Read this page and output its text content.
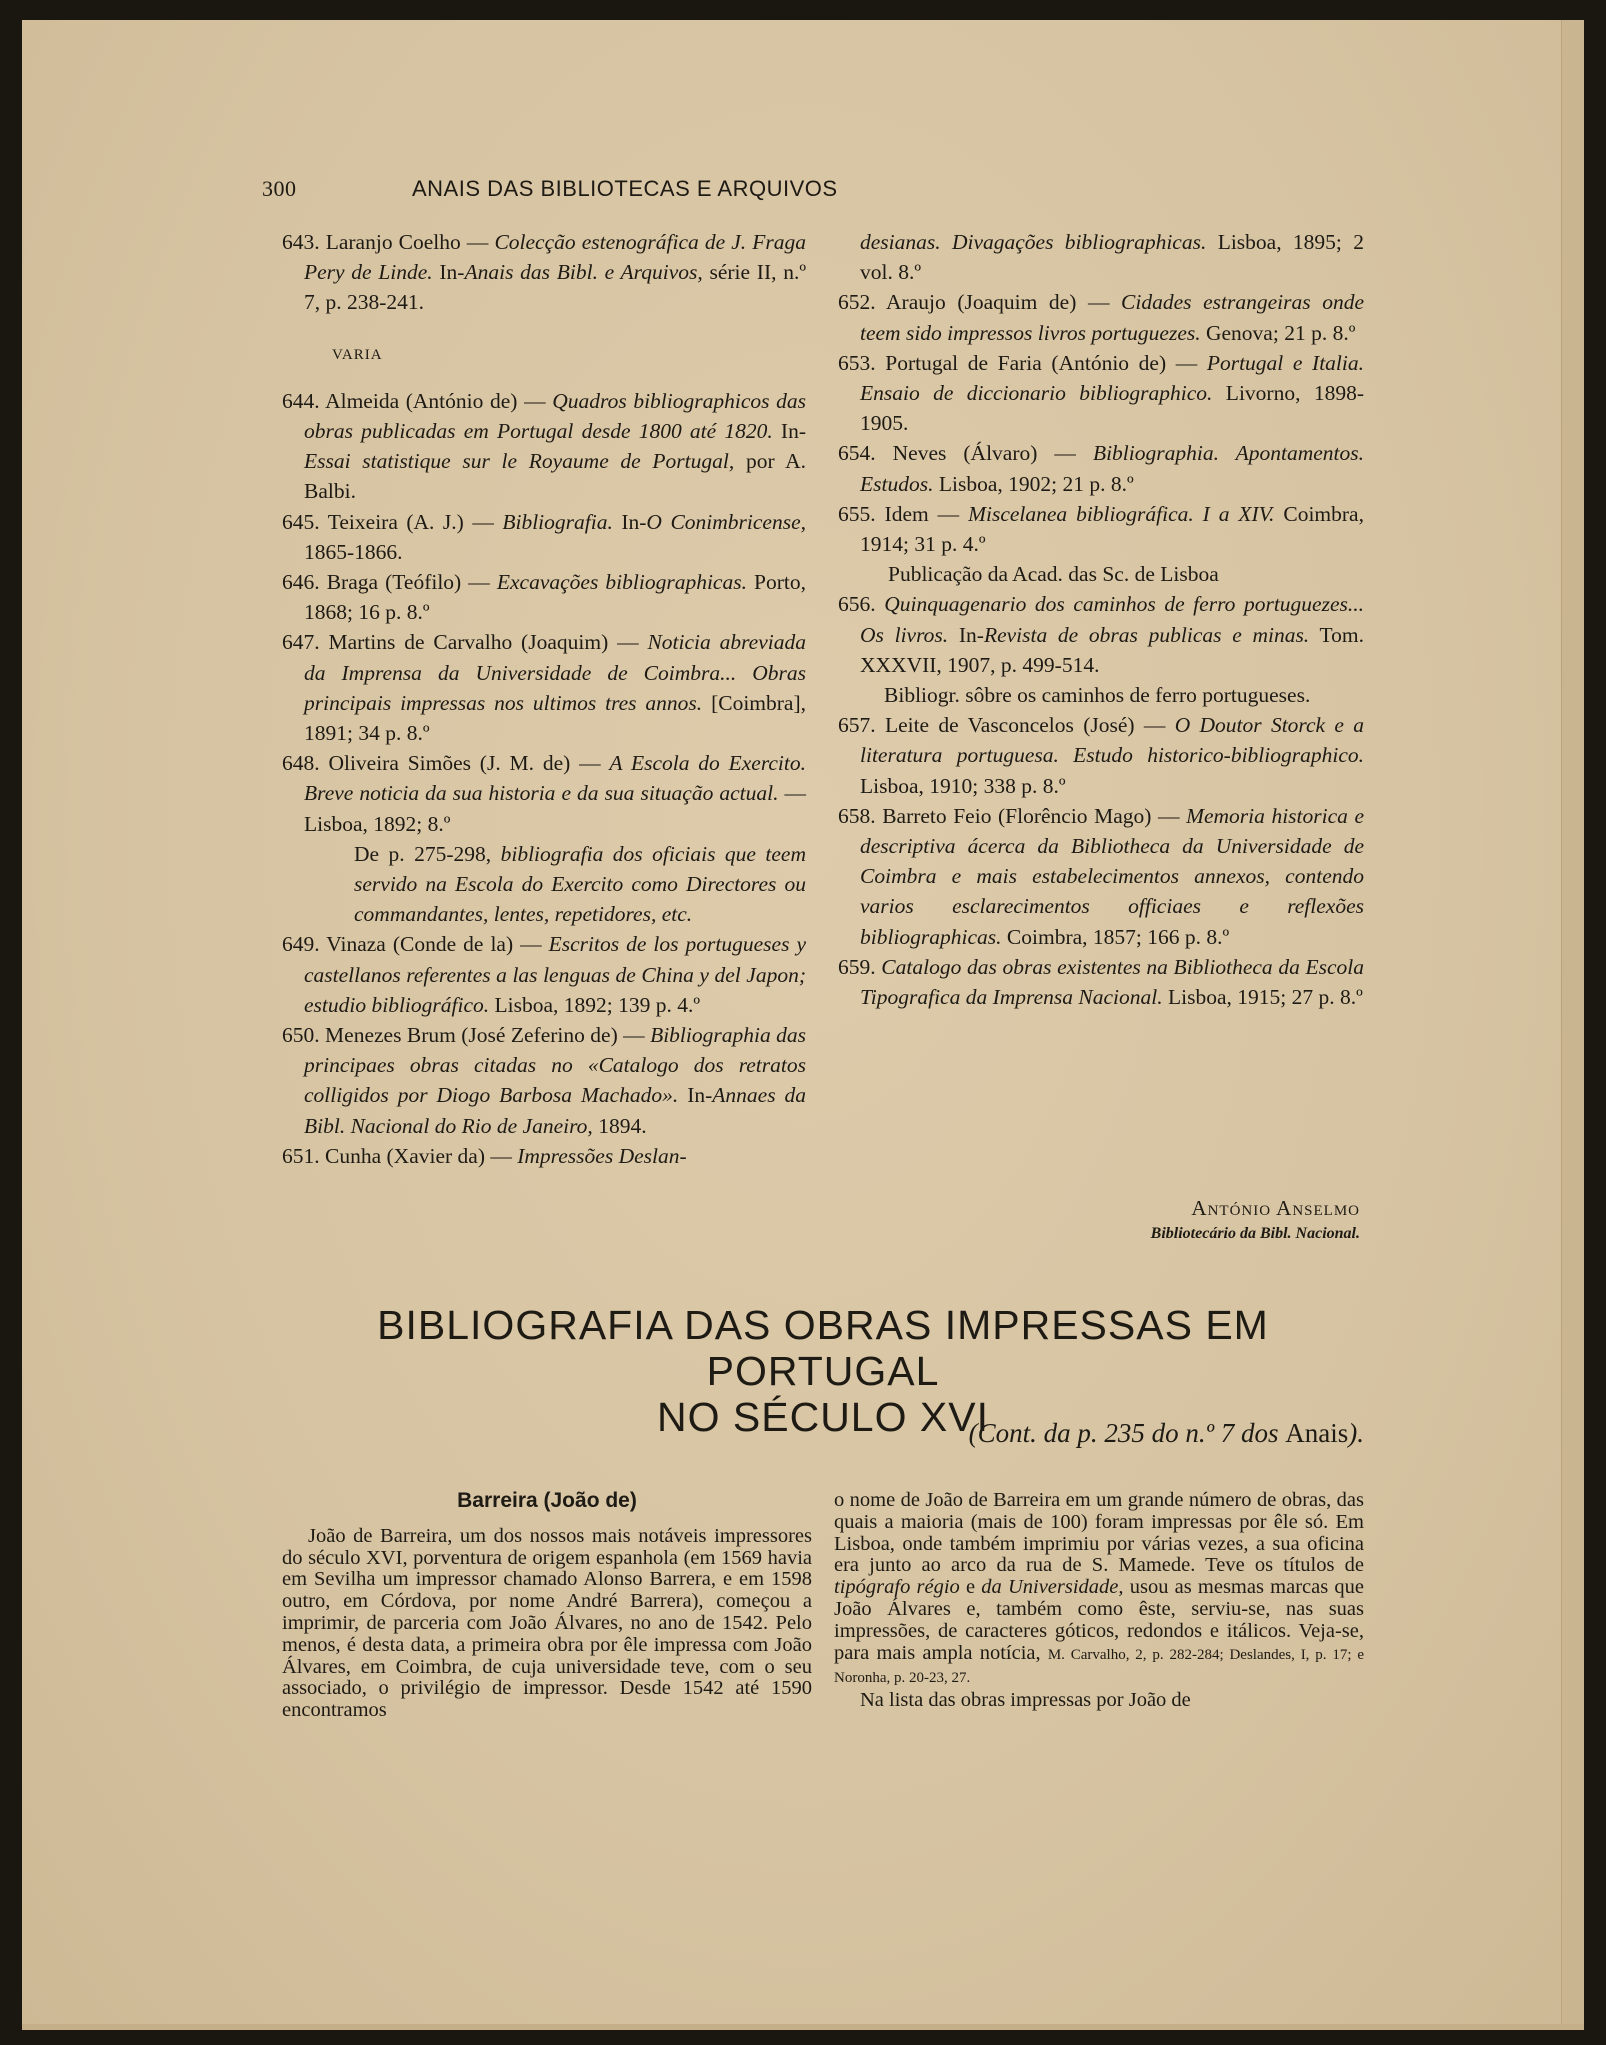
300	ANAIS DAS BIBLIOTECAS E ARQUIVOS

643. Laranjo Coelho — Colecção estenográfica de J. Fraga Pery de Linde. In-Anais das Bibl. e Arquivos, série II, n.º 7, p. 238-241.

VARIA

644. Almeida (António de) — Quadros bibliographicos das obras publicadas em Portugal desde 1800 até 1820. In-Essai statistique sur le Royaume de Portugal, por A. Balbi.

645. Teixeira (A. J.) — Bibliografia. In-O Conimbricense, 1865-1866.

646. Braga (Teófilo) — Excavações bibliographicas. Porto, 1868; 16 p. 8.º

647. Martins de Carvalho (Joaquim) — Noticia abreviada da Imprensa da Universidade de Coimbra... Obras principais impressas nos ultimos tres annos. [Coimbra], 1891; 34 p. 8.º

648. Oliveira Simões (J. M. de) — A Escola do Exercito. Breve noticia da sua historia e da sua situação actual. — Lisboa, 1892; 8.º

De p. 275-298, bibliografia dos oficiais que teem servido na Escola do Exercito como Directores ou commandantes, lentes, repetidores, etc.

649. Vinaza (Conde de la) — Escritos de los portugueses y castellanos referentes a las lenguas de China y del Japon; estudio bibliográfico. Lisboa, 1892; 139 p. 4.º

650. Menezes Brum (José Zeferino de) — Bibliographia das principaes obras citadas no «Catalogo dos retratos colligidos por Diogo Barbosa Machado». In-Annaes da Bibl. Nacional do Rio de Janeiro, 1894.

651. Cunha (Xavier da) — Impressões Deslan-

desianas. Divagações bibliographicas. Lisboa, 1895; 2 vol. 8.º

652. Araujo (Joaquim de) — Cidades estrangeiras onde teem sido impressos livros portuguezes. Genova; 21 p. 8.º

653. Portugal de Faria (António de) — Portugal e Italia. Ensaio de diccionario bibliographico. Livorno, 1898-1905.

654. Neves (Álvaro) — Bibliographia. Apontamentos. Estudos. Lisboa, 1902; 21 p. 8.º

655. Idem — Miscelanea bibliográfica. I a XIV. Coimbra, 1914; 31 p. 4.º

Publicação da Acad. das Sc. de Lisboa

656. Quinquagenario dos caminhos de ferro portuguezes... Os livros. In-Revista de obras publicas e minas. Tom. XXXVII, 1907, p. 499-514.

Bibliogr. sôbre os caminhos de ferro portugueses.

657. Leite de Vasconcelos (José) — O Doutor Storck e a literatura portuguesa. Estudo historico-bibliographico. Lisboa, 1910; 338 p. 8.º

658. Barreto Feio (Florêncio Mago) — Memoria historica e descriptiva ácerca da Bibliotheca da Universidade de Coimbra e mais estabelecimentos annexos, contendo varios esclarecimentos officiaes e reflexões bibliographicas. Coimbra, 1857; 166 p. 8.º

659. Catalogo das obras existentes na Bibliotheca da Escola Tipografica da Imprensa Nacional. Lisboa, 1915; 27 p. 8.º

António Anselmo
Bibliotecário da Bibl. Nacional.
BIBLIOGRAFIA DAS OBRAS IMPRESSAS EM PORTUGAL
NO SÉCULO XVI
(Cont. da p. 235 do n.º 7 dos Anais).
Barreira (João de)

João de Barreira, um dos nossos mais notáveis impressores do século XVI, porventura de origem espanhola (em 1569 havia em Sevilha um impressor chamado Alonso Barrera, e em 1598 outro, em Córdova, por nome André Barrera), começou a imprimir, de parceria com João Álvares, no ano de 1542. Pelo menos, é desta data, a primeira obra por êle impressa com João Álvares, em Coimbra, de cuja universidade teve, com o seu associado, o privilégio de impressor. Desde 1542 até 1590 encontramos

o nome de João de Barreira em um grande número de obras, das quais a maioria (mais de 100) foram impressas por êle só. Em Lisboa, onde também imprimiu por várias vezes, a sua oficina era junto ao arco da rua de S. Mamede. Teve os títulos de tipógrafo régio e da Universidade, usou as mesmas marcas que João Álvares e, também como êste, serviu-se, nas suas impressões, de caracteres góticos, redondos e itálicos. Veja-se, para mais ampla notícia, M. Carvalho, 2, p. 282-284; Deslandes, I, p. 17; e Noronha, p. 20-23, 27.

Na lista das obras impressas por João de
